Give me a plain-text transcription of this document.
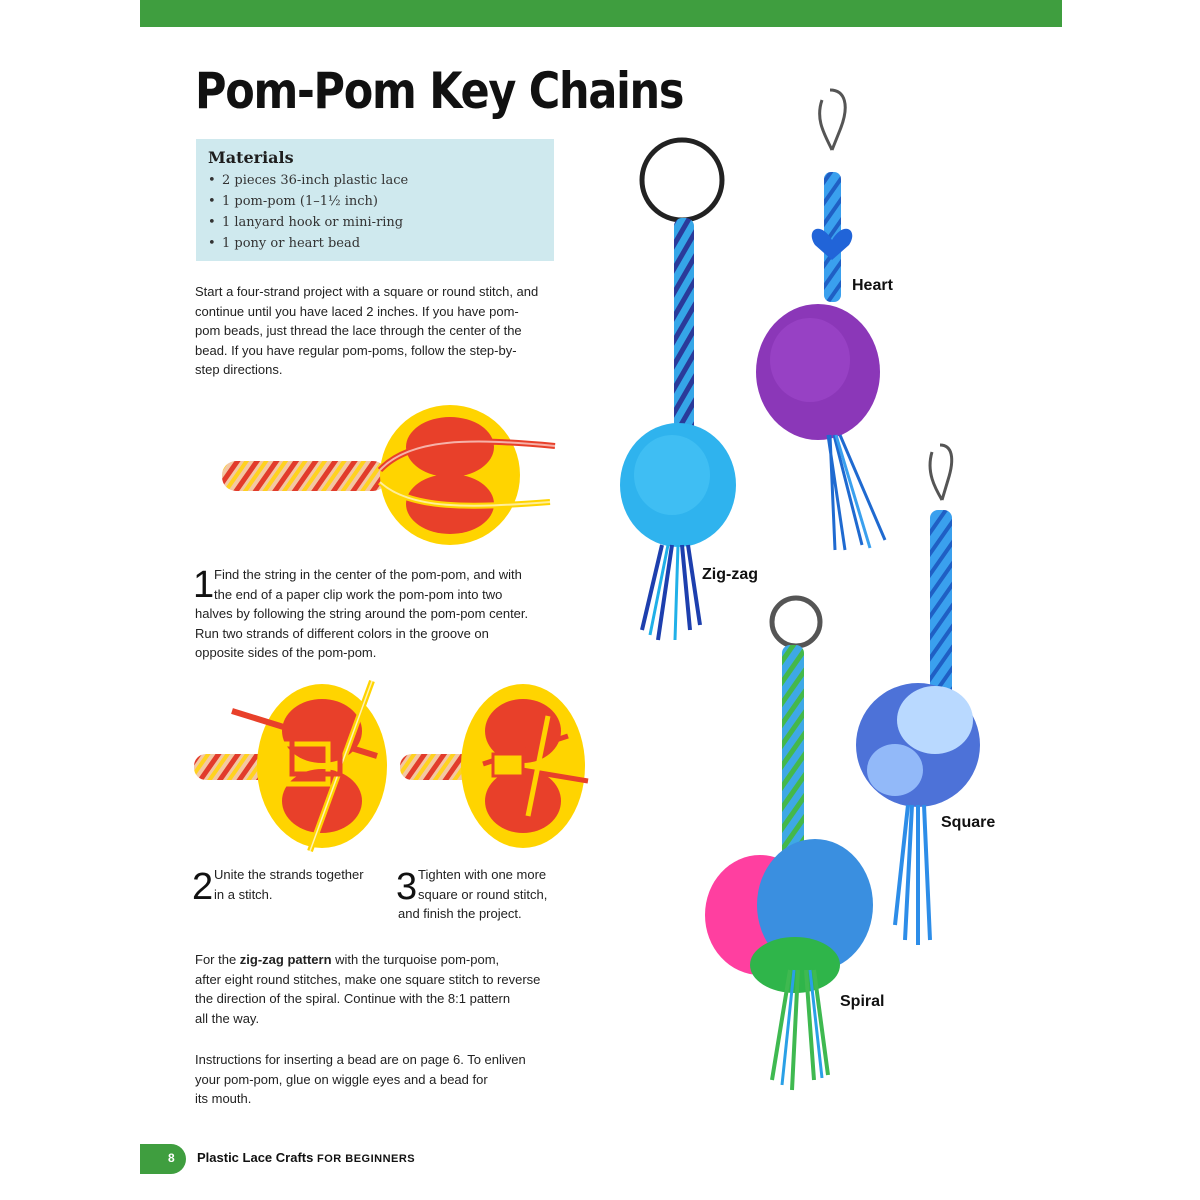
Pom-Pom Key Chains
Materials
• 2 pieces 36-inch plastic lace
• 1 pom-pom (1–1½ inch)
• 1 lanyard hook or mini-ring
• 1 pony or heart bead

Start a four-strand project with a square or round stitch, and
continue until you have laced 2 inches. If you have pom-
pom beads, just thread the lace through the center of the
bead. If you have regular pom-poms, follow the step-by-
step directions.

1 Find the string in the center of the pom-pom, and with
the end of a paper clip work the pom-pom into two

halves by following the string around the pom-pom center.
Run two strands of different colors in the groove on
opposite sides of the pom-pom.

2 Unite the strands together
in a stitch.	3 Tighten with one more
square or round stitch,

and finish the project.

For the zig-zag pattern with the turquoise pom-pom,
after eight round stitches, make one square stitch to reverse
the direction of the spiral. Continue with the 8:1 pattern
all the way.

Instructions for inserting a bead are on page 6. To enliven
your pom-pom, glue on wiggle eyes and a bead for
its mouth.

Heart
Zig-zag
Square
Spiral
8 Plastic Lace Crafts FOR BEGINNERS
